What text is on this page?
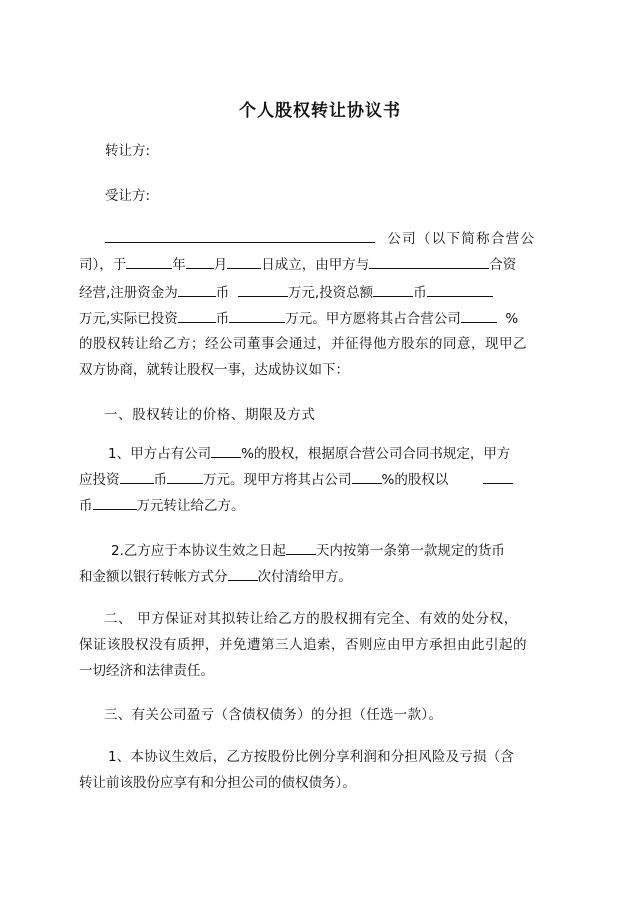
个人股权转让协议书
转让方:
受让方:
公司（以下简称合营公
司），于	年 月	日成立，由甲方与	合资
经营,注册资金为	币	万元,投资总额	币
万元,实际已投资	币	万元。甲方愿将其占合营公司	%
的股权转让给乙方；经公司董事会通过，并征得他方股东的同意，现甲乙
双方协商，就转让股权一事，达成协议如下：
一、股权转让的价格、期限及方式
1、甲方占有公司 %的股权，根据原合营公司合同书规定，甲方
应投资	币	万元。现甲方将其占公司 %的股权以
币	万元转让给乙方。
2.乙方应于本协议生效之日起 天内按第一条第一款规定的货币
和金额以银行转帐方式分 次付清给甲方。
二、 甲方保证对其拟转让给乙方的股权拥有完全、有效的处分权，
保证该股权没有质押，并免遭第三人追索，否则应由甲方承担由此引起的
一切经济和法律责任。
三、有关公司盈亏（含债权债务）的分担（任选一款）。
1、本协议生效后，乙方按股份比例分享利润和分担风险及亏损（含
转让前该股份应享有和分担公司的债权债务）。
